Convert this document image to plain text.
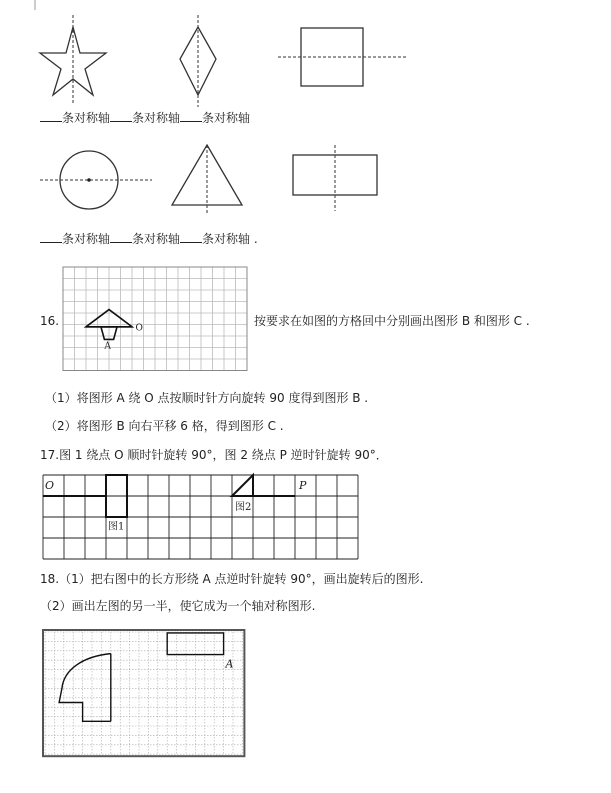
条对称轴 条对称轴 条对称轴
条对称轴 条对称轴 条对称轴 .
16.
A
O
按要求在如图的方格回中分别画出图形 B 和图形 C .
（1）将图形 A 绕 O 点按顺时针方向旋转 90 度得到图形 B .
（2）将图形 B 向右平移 6 格，得到图形 C .
17.图 1 绕点 O 顺时针旋转 90°，图 2 绕点 P 逆时针旋转 90°．
图1
O
图2
P
18.（1）把右图中的长方形绕 A 点逆时针旋转 90°，画出旋转后的图形.
（2）画出左图的另一半，使它成为一个轴对称图形.
A
